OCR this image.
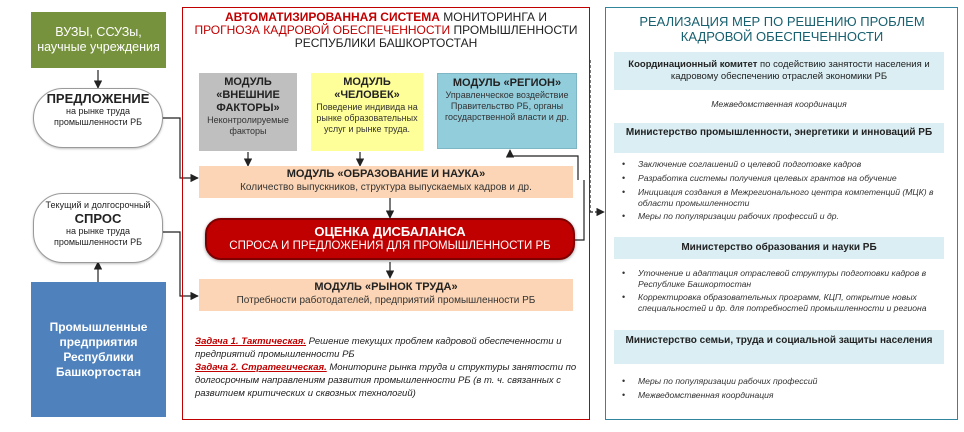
ВУЗЫ, ССУЗы, научные учреждения
ПРЕДЛОЖЕНИЕ
на рынке труда промышленности РБ
Текущий и долгосрочный
СПРОС
на рынке труда промышленности РБ
Промышленные предприятия Республики Башкортостан
АВТОМАТИЗИРОВАННАЯ СИСТЕМА МОНИТОРИНГА И
ПРОГНОЗА КАДРОВОЙ ОБЕСПЕЧЕННОСТИ ПРОМЫШЛЕННОСТИ
РЕСПУБЛИКИ БАШКОРТОСТАН
МОДУЛЬ «ВНЕШНИЕ ФАКТОРЫ»
Неконтролируемые факторы
МОДУЛЬ «ЧЕЛОВЕК»
Поведение индивида на рынке образовательных услуг и рынке труда.
МОДУЛЬ «РЕГИОН»
Управленческое воздействие Правительство РБ, органы государственной власти и др.
МОДУЛЬ «ОБРАЗОВАНИЕ И НАУКА»
Количество выпускников, структура выпускаемых кадров и др.
ОЦЕНКА ДИСБАЛАНСА
СПРОСА И ПРЕДЛОЖЕНИЯ ДЛЯ ПРОМЫШЛЕННОСТИ РБ
МОДУЛЬ «РЫНОК ТРУДА»
Потребности работодателей, предприятий промышленности РБ
Задача 1. Тактическая. Решение текущих проблем кадровой обеспеченности и предприятий промышленности РБ
Задача 2. Стратегическая. Мониторинг рынка труда и структуры занятости по долгосрочным направлениям развития промышленности РБ (в т. ч. связанных с развитием критических и сквозных технологий)
РЕАЛИЗАЦИЯ МЕР ПО РЕШЕНИЮ ПРОБЛЕМ КАДРОВОЙ ОБЕСПЕЧЕННОСТИ
Координационный комитет по содействию занятости населения и кадровому обеспечению отраслей экономики РБ
Межведомственная координация
Министерство промышленности, энергетики и инноваций РБ
•	Заключение соглашений о целевой подготовке кадров
•	Разработка системы получения целевых грантов на обучение
•	Инициация создания в Межрегионального центра компетенций (МЦК) в области промышленности
•	Меры по популяризации рабочих профессий и др.
Министерство образования и науки РБ
•	Уточнение и адаптация отраслевой структуры подготовки кадров в Республике Башкортостан
•	Корректировка образовательных программ, КЦП, открытие новых специальностей и др. для потребностей промышленности и региона
Министерство семьи, труда и социальной защиты населения
•	Меры по популяризации рабочих профессий
•	Межведомственная координация
